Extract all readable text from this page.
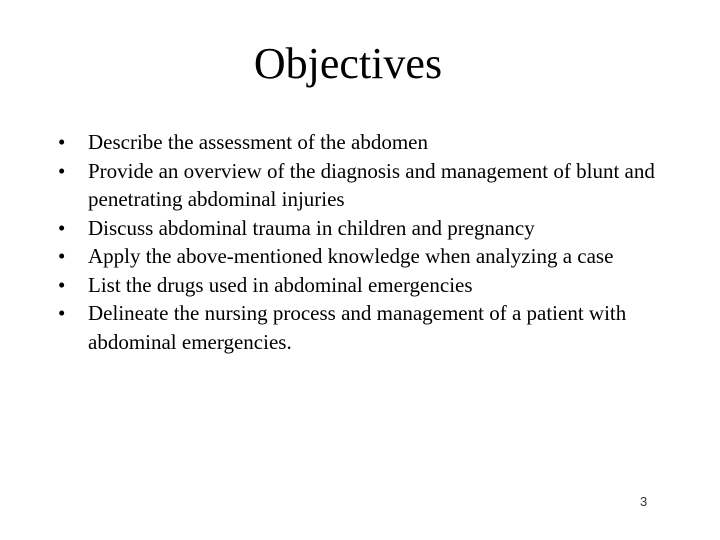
Objectives
•	Describe the assessment of the abdomen
•	Provide an overview of the diagnosis and management of blunt and penetrating abdominal injuries
•	Discuss abdominal trauma in children and pregnancy
•	Apply the above-mentioned knowledge when analyzing a case
•	List the drugs used in abdominal emergencies
•	Delineate the nursing process and management of a patient with abdominal emergencies.
3
